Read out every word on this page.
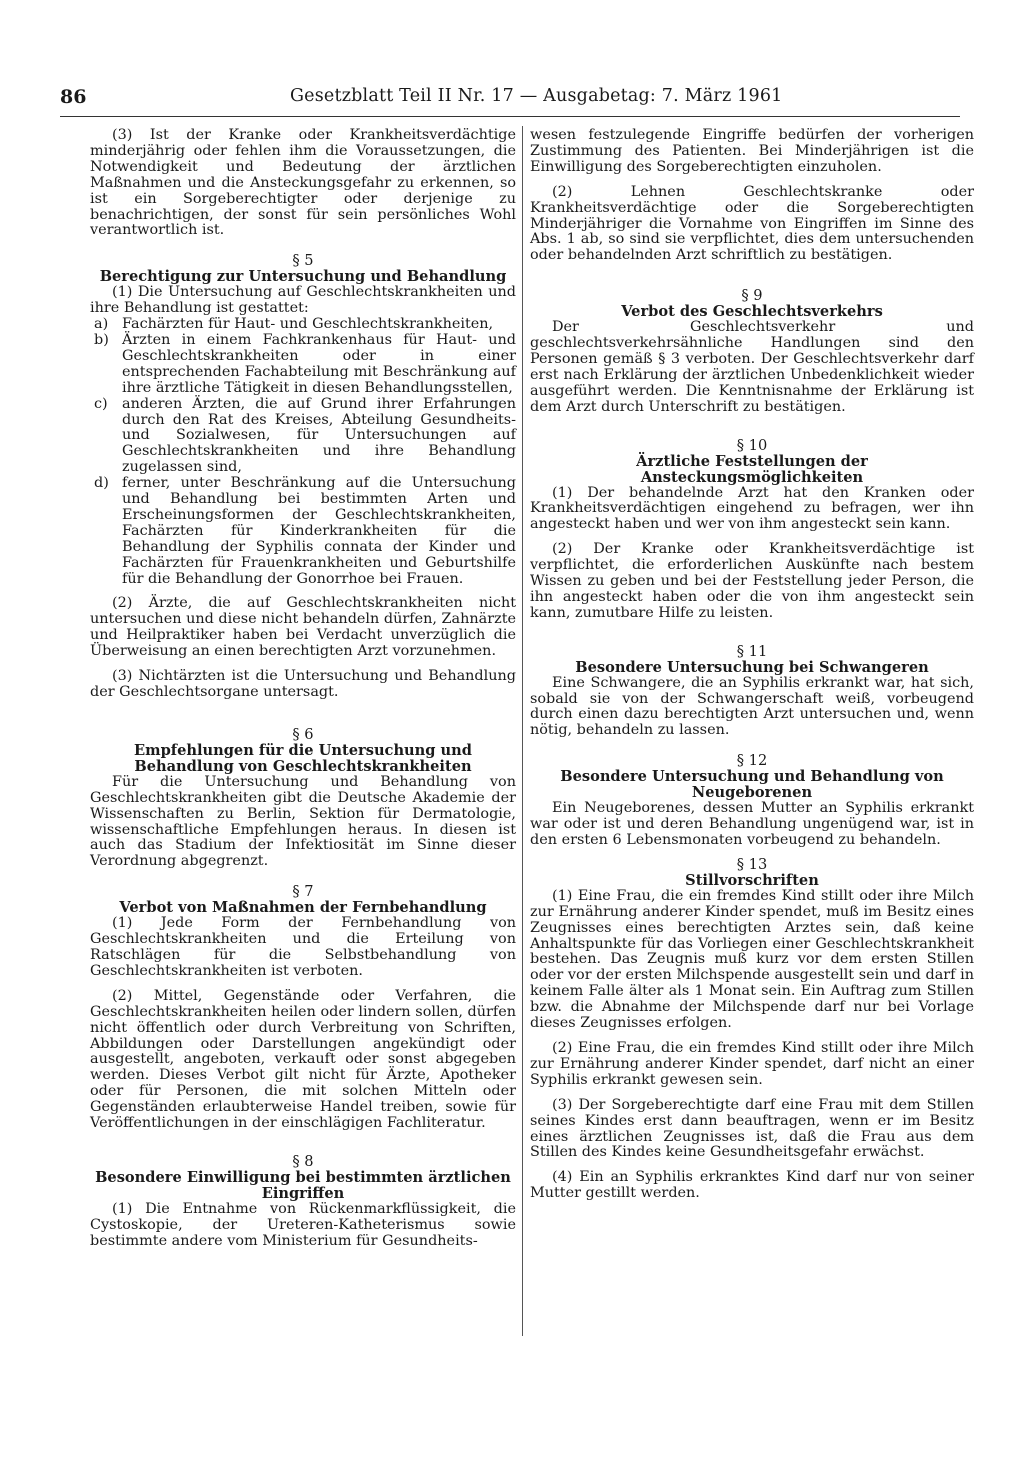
86	Gesetzblatt Teil II Nr. 17 — Ausgabetag: 7. März 1961

(3) Ist der Kranke oder Krankheitsverdächtige minderjährig oder fehlen ihm die Voraussetzungen, die Notwendigkeit und Bedeutung der ärztlichen Maßnahmen und die Ansteckungsgefahr zu erkennen, so ist ein Sorgeberechtigter oder derjenige zu benachrichtigen, der sonst für sein persönliches Wohl verantwortlich ist.

§ 5
Berechtigung zur Untersuchung und Behandlung

(1) Die Untersuchung auf Geschlechtskrankheiten und ihre Behandlung ist gestattet:

a) Fachärzten für Haut- und Geschlechtskrankheiten,
b) Ärzten in einem Fachkrankenhaus für Haut- und Geschlechtskrankheiten oder in einer entsprechenden Fachabteilung mit Beschränkung auf ihre ärztliche Tätigkeit in diesen Behandlungsstellen,
c) anderen Ärzten, die auf Grund ihrer Erfahrungen durch den Rat des Kreises, Abteilung Gesundheits- und Sozialwesen, für Untersuchungen auf Geschlechtskrankheiten und ihre Behandlung zugelassen sind,
d) ferner, unter Beschränkung auf die Untersuchung und Behandlung bei bestimmten Arten und Erscheinungsformen der Geschlechtskrankheiten, Fachärzten für Kinderkrankheiten für die Behandlung der Syphilis connata der Kinder und Fachärzten für Frauenkrankheiten und Geburtshilfe für die Behandlung der Gonorrhoe bei Frauen.

(2) Ärzte, die auf Geschlechtskrankheiten nicht untersuchen und diese nicht behandeln dürfen, Zahnärzte und Heilpraktiker haben bei Verdacht unverzüglich die Überweisung an einen berechtigten Arzt vorzunehmen.

(3) Nichtärzten ist die Untersuchung und Behandlung der Geschlechtsorgane untersagt.

§ 6
Empfehlungen für die Untersuchung und Behandlung von Geschlechtskrankheiten

Für die Untersuchung und Behandlung von Geschlechtskrankheiten gibt die Deutsche Akademie der Wissenschaften zu Berlin, Sektion für Dermatologie, wissenschaftliche Empfehlungen heraus. In diesen ist auch das Stadium der Infektiosität im Sinne dieser Verordnung abgegrenzt.

§ 7
Verbot von Maßnahmen der Fernbehandlung

(1) Jede Form der Fernbehandlung von Geschlechtskrankheiten und die Erteilung von Ratschlägen für die Selbstbehandlung von Geschlechtskrankheiten ist verboten.

(2) Mittel, Gegenstände oder Verfahren, die Geschlechtskrankheiten heilen oder lindern sollen, dürfen nicht öffentlich oder durch Verbreitung von Schriften, Abbildungen oder Darstellungen angekündigt oder ausgestellt, angeboten, verkauft oder sonst abgegeben werden. Dieses Verbot gilt nicht für Ärzte, Apotheker oder für Personen, die mit solchen Mitteln oder Gegenständen erlaubterweise Handel treiben, sowie für Veröffentlichungen in der einschlägigen Fachliteratur.

§ 8
Besondere Einwilligung bei bestimmten ärztlichen Eingriffen

(1) Die Entnahme von Rückenmarkflüssigkeit, die Cystoskopie, der Ureteren-Katheterismus sowie bestimmte andere vom Ministerium für Gesundheits-

wesen festzulegende Eingriffe bedürfen der vorherigen Zustimmung des Patienten. Bei Minderjährigen ist die Einwilligung des Sorgeberechtigten einzuholen.

(2) Lehnen Geschlechtskranke oder Krankheitsverdächtige oder die Sorgeberechtigten Minderjähriger die Vornahme von Eingriffen im Sinne des Abs. 1 ab, so sind sie verpflichtet, dies dem untersuchenden oder behandelnden Arzt schriftlich zu bestätigen.

§ 9
Verbot des Geschlechtsverkehrs

Der Geschlechtsverkehr und geschlechtsverkehrsähnliche Handlungen sind den Personen gemäß § 3 verboten. Der Geschlechtsverkehr darf erst nach Erklärung der ärztlichen Unbedenklichkeit wieder ausgeführt werden. Die Kenntnisnahme der Erklärung ist dem Arzt durch Unterschrift zu bestätigen.

§ 10
Ärztliche Feststellungen der Ansteckungsmöglichkeiten

(1) Der behandelnde Arzt hat den Kranken oder Krankheitsverdächtigen eingehend zu befragen, wer ihn angesteckt haben und wer von ihm angesteckt sein kann.

(2) Der Kranke oder Krankheitsverdächtige ist verpflichtet, die erforderlichen Auskünfte nach bestem Wissen zu geben und bei der Feststellung jeder Person, die ihn angesteckt haben oder die von ihm angesteckt sein kann, zumutbare Hilfe zu leisten.

§ 11
Besondere Untersuchung bei Schwangeren

Eine Schwangere, die an Syphilis erkrankt war, hat sich, sobald sie von der Schwangerschaft weiß, vorbeugend durch einen dazu berechtigten Arzt untersuchen und, wenn nötig, behandeln zu lassen.

§ 12
Besondere Untersuchung und Behandlung von Neugeborenen

Ein Neugeborenes, dessen Mutter an Syphilis erkrankt war oder ist und deren Behandlung ungenügend war, ist in den ersten 6 Lebensmonaten vorbeugend zu behandeln.

§ 13
Stillvorschriften

(1) Eine Frau, die ein fremdes Kind stillt oder ihre Milch zur Ernährung anderer Kinder spendet, muß im Besitz eines Zeugnisses eines berechtigten Arztes sein, daß keine Anhaltspunkte für das Vorliegen einer Geschlechtskrankheit bestehen. Das Zeugnis muß kurz vor dem ersten Stillen oder vor der ersten Milchspende ausgestellt sein und darf in keinem Falle älter als 1 Monat sein. Ein Auftrag zum Stillen bzw. die Abnahme der Milchspende darf nur bei Vorlage dieses Zeugnisses erfolgen.

(2) Eine Frau, die ein fremdes Kind stillt oder ihre Milch zur Ernährung anderer Kinder spendet, darf nicht an einer Syphilis erkrankt gewesen sein.

(3) Der Sorgeberechtigte darf eine Frau mit dem Stillen seines Kindes erst dann beauftragen, wenn er im Besitz eines ärztlichen Zeugnisses ist, daß die Frau aus dem Stillen des Kindes keine Gesundheitsgefahr erwächst.

(4) Ein an Syphilis erkranktes Kind darf nur von seiner Mutter gestillt werden.
